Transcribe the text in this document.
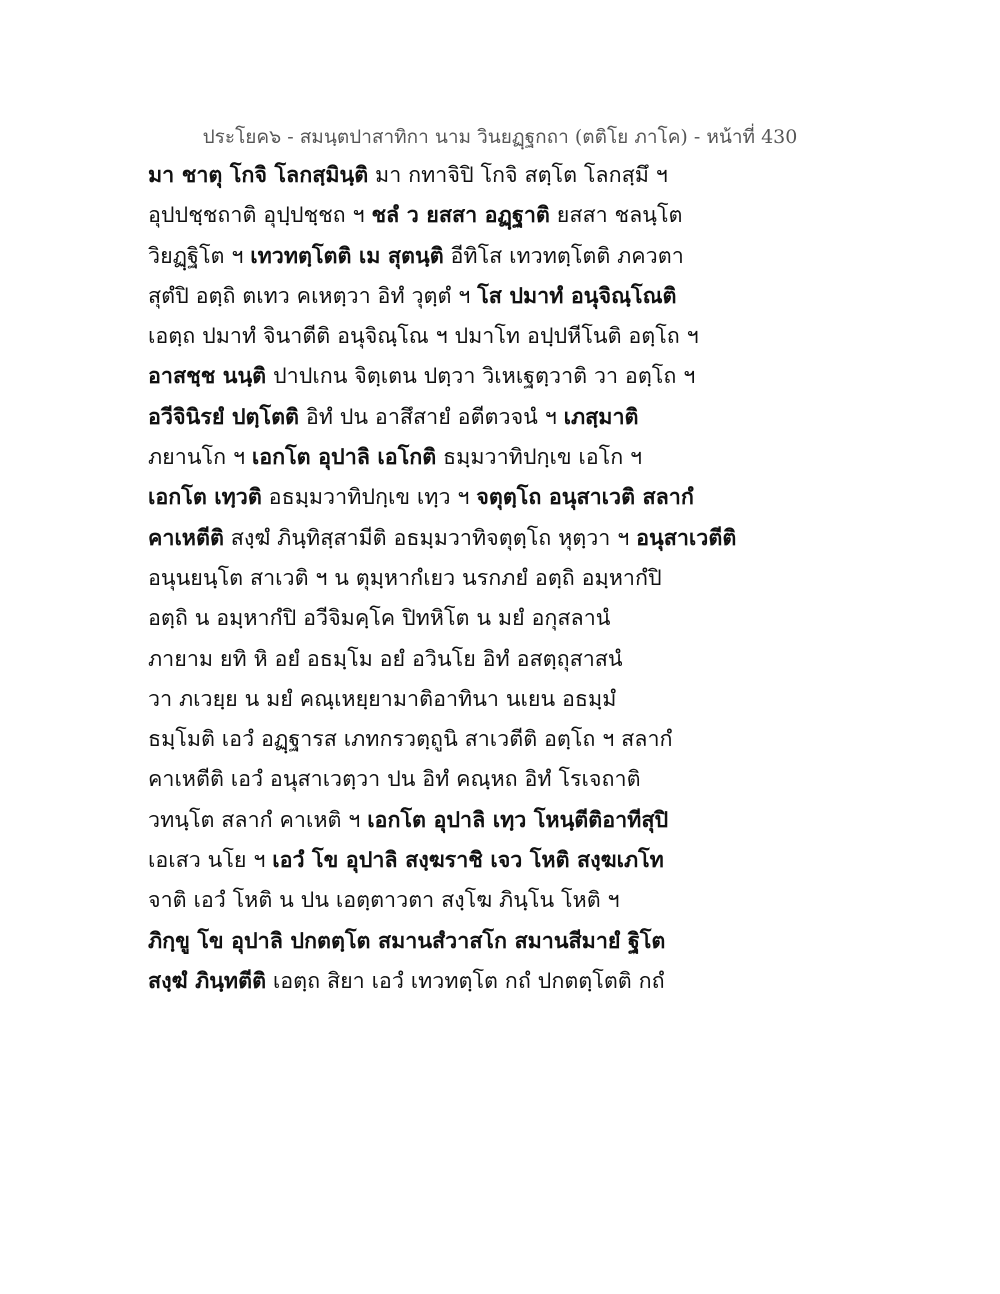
ประโยค๖ - สมนฺตปาสาทิกา นาม วินยฏฺฐกถา (ตติโย ภาโค) - หน้าที่ 430
มา ชาตุ โกจิ โลกสฺมินฺติ มา กทาจิปิ โกจิ สตฺโต โลกสฺมึ ฯ
อุปปชฺชถาติ อุปฺปชฺชถ ฯ ชลํ ว ยสสา อฏฺฐาติ ยสสา ชลนฺโต
วิยฏฺฐิโต ฯ เทวทตฺโตติ เม สุตนฺติ อีทิโส เทวทตฺโตติ ภควตา
สุตํปิ อตฺถิ ตเทว คเหตฺวา อิทํ วุตฺตํ ฯ โส ปมาทํ อนุจิณฺโณติ
เอตฺถ ปมาทํ จินาตีติ อนุจิณฺโณ ฯ ปมาโท อปฺปหีโนติ อตฺโถ ฯ
อาสชฺช นนฺติ ปาปเกน จิตฺเตน ปตฺวา วิเหเฐตฺวาติ วา อตฺโถ ฯ
อวีจินิรยํ ปตฺโตติ อิทํ ปน อาสึสายํ อตีตวจนํ ฯ เภสฺมาติ
ภยานโก ฯ เอกโต อุปาลิ เอโกติ ธมฺมวาทิปกฺเข เอโก ฯ
เอกโต เทฺวติ อธมฺมวาทิปกฺเข เทฺว ฯ จตุตฺโถ อนุสาเวติ สลากํ
คาเหตีติ สงฺฆํ ภินฺทิสฺสามีติ อธมฺมวาทิจตุตฺโถ หุตฺวา ฯ อนุสาเวตีติ
อนุนยนฺโต สาเวติ ฯ น ตุมฺหากํเยว นรกภยํ อตฺถิ อมฺหากํปิ
อตฺถิ น อมฺหากํปิ อวีจิมคฺโค ปิทหิโต น มยํ อกุสลานํ
ภายาม ยทิ หิ อยํ อธมฺโม อยํ อวินโย อิทํ อสตฺถุสาสนํ
วา ภเวยฺย น มยํ คณฺเหยฺยามาติอาทินา นเยน อธมฺมํ
ธมฺโมติ เอวํ อฏฺฐารส เภทกรวตฺถูนิ สาเวตีติ อตฺโถ ฯ สลากํ
คาเหตีติ เอวํ อนุสาเวตฺวา ปน อิทํ คณฺหถ อิทํ โรเจถาติ
วทนฺโต สลากํ คาเหติ ฯ เอกโต อุปาลิ เทฺว โหนฺตีติอาทีสุปิ
เอเสว นโย ฯ เอวํ โข อุปาลิ สงฺฆราชิ เจว โหติ สงฺฆเภโท
จาติ เอวํ โหติ น ปน เอตฺตาวตา สงฺโฆ ภินฺโน โหติ ฯ
ภิกฺขู โข อุปาลิ ปกตตฺโต สมานสํวาสโก สมานสีมายํ ฐิโต
สงฺฆํ ภินฺทตีติ เอตฺถ สิยา เอวํ เทวทตฺโต กถํ ปกตตฺโตติ กถํ
